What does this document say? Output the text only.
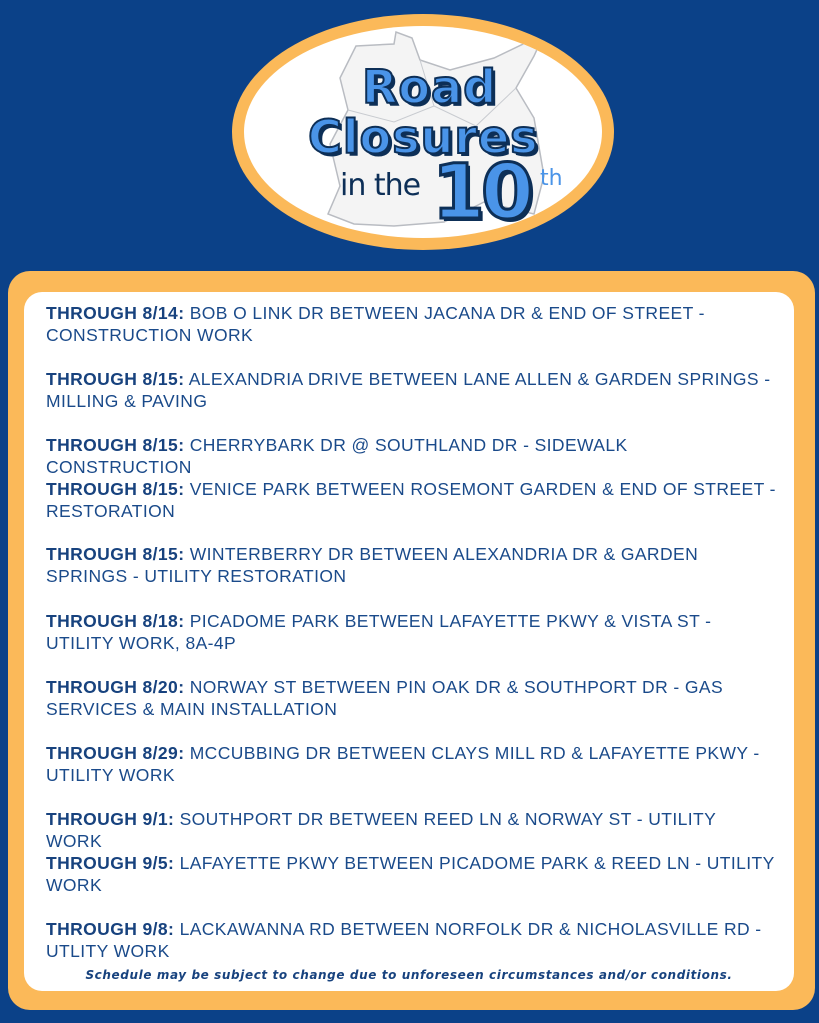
Road
Closures
in the 10 th

THROUGH 8/14: BOB O LINK DR BETWEEN JACANA DR & END OF STREET - CONSTRUCTION WORK

THROUGH 8/15: ALEXANDRIA DRIVE BETWEEN LANE ALLEN & GARDEN SPRINGS - MILLING & PAVING

THROUGH 8/15: CHERRYBARK DR @ SOUTHLAND DR - SIDEWALK CONSTRUCTION

THROUGH 8/15: VENICE PARK BETWEEN ROSEMONT GARDEN & END OF STREET - RESTORATION

THROUGH 8/15: WINTERBERRY DR BETWEEN ALEXANDRIA DR & GARDEN SPRINGS - UTILITY RESTORATION

THROUGH 8/18: PICADOME PARK BETWEEN LAFAYETTE PKWY & VISTA ST - UTILITY WORK, 8A-4P

THROUGH 8/20: NORWAY ST BETWEEN PIN OAK DR & SOUTHPORT DR - GAS SERVICES & MAIN INSTALLATION

THROUGH 8/29: MCCUBBING DR BETWEEN CLAYS MILL RD & LAFAYETTE PKWY - UTILITY WORK

THROUGH 9/1: SOUTHPORT DR BETWEEN REED LN & NORWAY ST - UTILITY WORK

THROUGH 9/5: LAFAYETTE PKWY BETWEEN PICADOME PARK & REED LN - UTILITY WORK

THROUGH 9/8: LACKAWANNA RD BETWEEN NORFOLK DR & NICHOLASVILLE RD - UTLITY WORK

Schedule may be subject to change due to unforeseen circumstances and/or conditions.
